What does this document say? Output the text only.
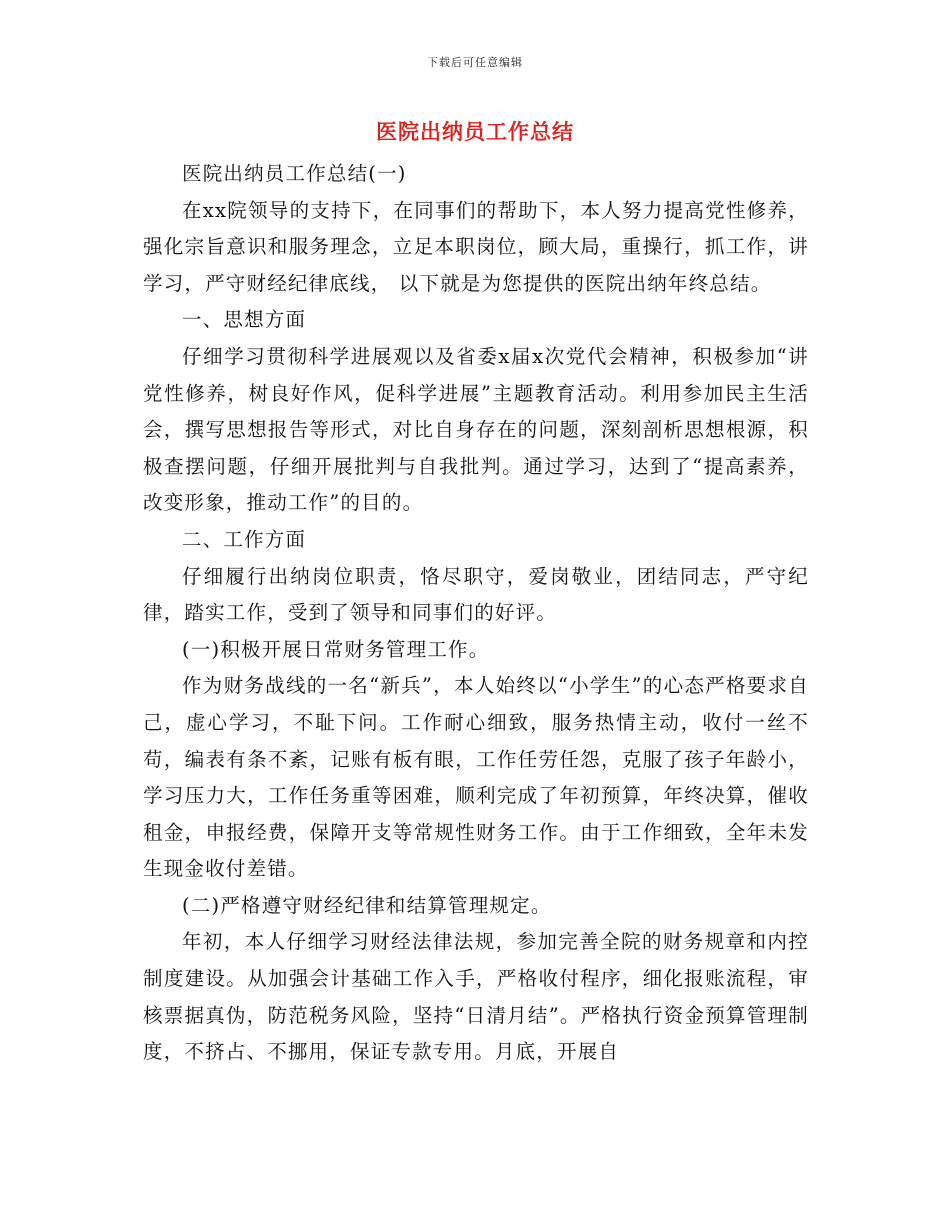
下载后可任意编辑
医院出纳员工作总结

医院出纳员工作总结(一)

在xx院领导的支持下，在同事们的帮助下，本人努力提高党性修养，强化宗旨意识和服务理念，立足本职岗位，顾大局，重操行，抓工作，讲学习，严守财经纪律底线， 以下就是为您提供的医院出纳年终总结。

一、思想方面

仔细学习贯彻科学进展观以及省委x届x次党代会精神，积极参加“讲党性修养，树良好作风，促科学进展”主题教育活动。利用参加民主生活会，撰写思想报告等形式，对比自身存在的问题，深刻剖析思想根源，积极查摆问题，仔细开展批判与自我批判。通过学习，达到了“提高素养，改变形象，推动工作”的目的。

二、工作方面

仔细履行出纳岗位职责，恪尽职守，爱岗敬业，团结同志，严守纪律，踏实工作，受到了领导和同事们的好评。

(一)积极开展日常财务管理工作。

作为财务战线的一名“新兵”，本人始终以“小学生”的心态严格要求自己，虚心学习，不耻下问。工作耐心细致，服务热情主动，收付一丝不苟，编表有条不紊，记账有板有眼，工作任劳任怨，克服了孩子年龄小，学习压力大，工作任务重等困难，顺利完成了年初预算，年终决算，催收租金，申报经费，保障开支等常规性财务工作。由于工作细致，全年未发生现金收付差错。

(二)严格遵守财经纪律和结算管理规定。

年初，本人仔细学习财经法律法规，参加完善全院的财务规章和内控制度建设。从加强会计基础工作入手，严格收付程序，细化报账流程，审核票据真伪，防范税务风险，坚持“日清月结”。严格执行资金预算管理制度，不挤占、不挪用，保证专款专用。月底，开展自
